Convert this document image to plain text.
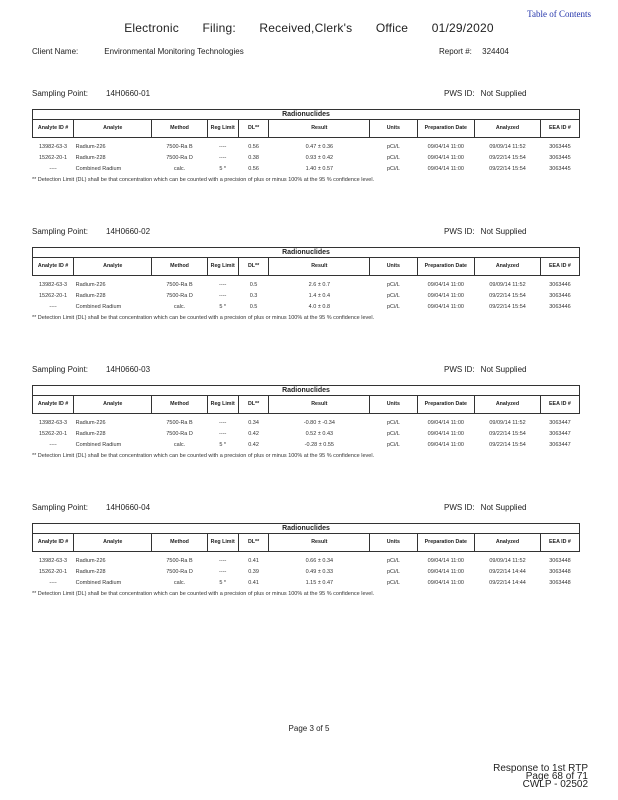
Table of Contents
Electronic Filing: Received,Clerk's Office 01/29/2020
Client Name:	Environmental Monitoring Technologies	Report #: 324404
Sampling Point: 14H0660-01	PWS ID: Not Supplied
Radionuclides									
Analyte ID #	Analyte	Method	Reg Limit	DL**	Result	Units	Preparation Date	Analyzed	EEA ID #
13982-63-3	Radium-226	7500-Ra B	----	0.56	0.47 ± 0.36	pCi/L	09/04/14 11:00	09/09/14 11:52	3063445
15262-20-1	Radium-228	7500-Ra D	----	0.38	0.93 ± 0.42	pCi/L	09/04/14 11:00	09/22/14 15:54	3063445
----	Combined Radium	calc.	5 *	0.56	1.40 ± 0.57	pCi/L	09/04/14 11:00	09/22/14 15:54	3063445
** Detection Limit (DL) shall be that concentration which can be counted with a precision of plus or minus 100% at the 95 % confidence level.
Sampling Point: 14H0660-02	PWS ID: Not Supplied
Radionuclides									
Analyte ID #	Analyte	Method	Reg Limit	DL**	Result	Units	Preparation Date	Analyzed	EEA ID #
13982-63-3	Radium-226	7500-Ra B	----	0.5	2.6 ± 0.7	pCi/L	09/04/14 11:00	09/09/14 11:52	3063446
15262-20-1	Radium-228	7500-Ra D	----	0.3	1.4 ± 0.4	pCi/L	09/04/14 11:00	09/22/14 15:54	3063446
----	Combined Radium	calc.	5 *	0.5	4.0 ± 0.8	pCi/L	09/04/14 11:00	09/22/14 15:54	3063446
** Detection Limit (DL) shall be that concentration which can be counted with a precision of plus or minus 100% at the 95 % confidence level.
Sampling Point: 14H0660-03	PWS ID: Not Supplied
Radionuclides									
Analyte ID #	Analyte	Method	Reg Limit	DL**	Result	Units	Preparation Date	Analyzed	EEA ID #
13982-63-3	Radium-226	7500-Ra B	----	0.34	-0.80 ± -0.34	pCi/L	09/04/14 11:00	09/09/14 11:52	3063447
15262-20-1	Radium-228	7500-Ra D	----	0.42	0.52 ± 0.43	pCi/L	09/04/14 11:00	09/22/14 15:54	3063447
----	Combined Radium	calc.	5 *	0.42	-0.28 ± 0.55	pCi/L	09/04/14 11:00	09/22/14 15:54	3063447
** Detection Limit (DL) shall be that concentration which can be counted with a precision of plus or minus 100% at the 95 % confidence level.
Sampling Point: 14H0660-04	PWS ID: Not Supplied
Radionuclides									
Analyte ID #	Analyte	Method	Reg Limit	DL**	Result	Units	Preparation Date	Analyzed	EEA ID #
13982-63-3	Radium-226	7500-Ra B	----	0.41	0.66 ± 0.34	pCi/L	09/04/14 11:00	09/09/14 11:52	3063448
15262-20-1	Radium-228	7500-Ra D	----	0.39	0.49 ± 0.33	pCi/L	09/04/14 11:00	09/22/14 14:44	3063448
----	Combined Radium	calc.	5 *	0.41	1.15 ± 0.47	pCi/L	09/04/14 11:00	09/22/14 14:44	3063448
** Detection Limit (DL) shall be that concentration which can be counted with a precision of plus or minus 100% at the 95 % confidence level.
Page 3 of 5
Response to 1st RTP
Page 68 of 71
CWLP - 02502
